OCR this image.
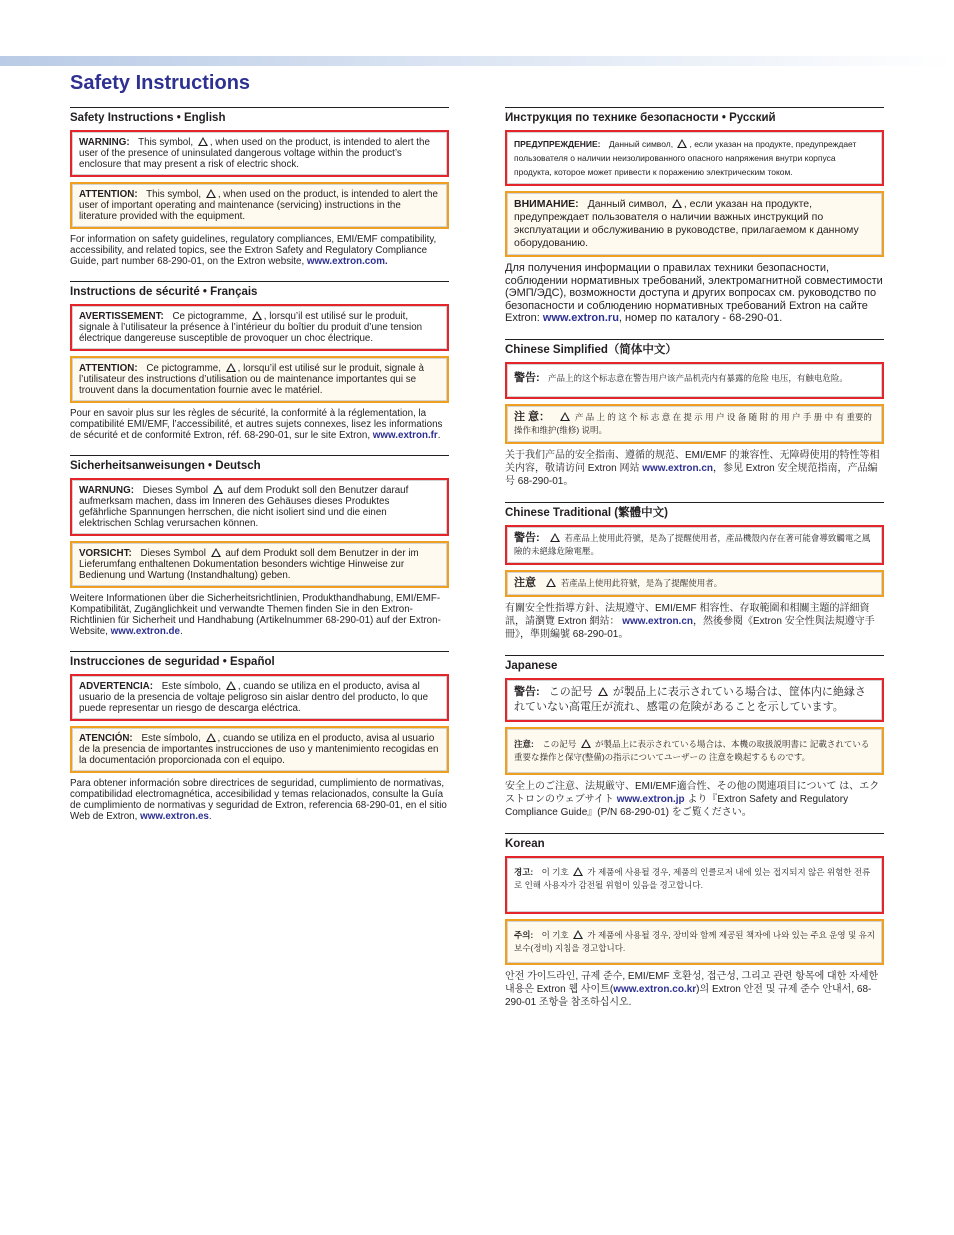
Safety Instructions
Safety Instructions • English
WARNING: This symbol, , when used on the product, is intended to alert the user of the presence of uninsulated dangerous voltage within the product’s enclosure that may present a risk of electric shock.
ATTENTION: This symbol, , when used on the product, is intended to alert the user of important operating and maintenance (servicing) instructions in the literature provided with the equipment.

For information on safety guidelines, regulatory compliances, EMI/EMF compatibility, accessibility, and related topics, see the Extron Safety and Regulatory Compliance Guide, part number 68-290-01, on the Extron website, www.extron.com.

Instructions de sécurité • Français
AVERTISSEMENT: Ce pictogramme, , lorsqu’il est utilisé sur le produit, signale à l’utilisateur la présence à l’intérieur du boîtier du produit d’une tension électrique dangereuse susceptible de provoquer un choc électrique.
ATTENTION: Ce pictogramme, , lorsqu’il est utilisé sur le produit, signale à l’utilisateur des instructions d’utilisation ou de maintenance importantes qui se trouvent dans la documentation fournie avec le matériel.

Pour en savoir plus sur les règles de sécurité, la conformité à la réglementation, la compatibilité EMI/EMF, l’accessibilité, et autres sujets connexes, lisez les informations de sécurité et de conformité Extron, réf. 68-290-01, sur le site Extron, www.extron.fr.

Sicherheitsanweisungen • Deutsch
WARNUNG: Dieses Symbol auf dem Produkt soll den Benutzer darauf aufmerksam machen, dass im Inneren des Gehäuses dieses Produktes gefährliche Spannungen herrschen, die nicht isoliert sind und die einen elektrischen Schlag verursachen können.
VORSICHT: Dieses Symbol auf dem Produkt soll dem Benutzer in der im Lieferumfang enthaltenen Dokumentation besonders wichtige Hinweise zur Bedienung und Wartung (Instandhaltung) geben.

Weitere Informationen über die Sicherheitsrichtlinien, Produkthandhabung, EMI/EMF-Kompatibilität, Zugänglichkeit und verwandte Themen finden Sie in den Extron-Richtlinien für Sicherheit und Handhabung (Artikelnummer 68-290-01) auf der Extron-Website, www.extron.de.

Instrucciones de seguridad • Español
ADVERTENCIA: Este símbolo, , cuando se utiliza en el producto, avisa al usuario de la presencia de voltaje peligroso sin aislar dentro del producto, lo que puede representar un riesgo de descarga eléctrica.
ATENCIÓN: Este símbolo, , cuando se utiliza en el producto, avisa al usuario de la presencia de importantes instrucciones de uso y mantenimiento recogidas en la documentación proporcionada con el equipo.

Para obtener información sobre directrices de seguridad, cumplimiento de normativas, compatibilidad electromagnética, accesibilidad y temas relacionados, consulte la Guía de cumplimiento de normativas y seguridad de Extron, referencia 68-290-01, en el sitio Web de Extron, www.extron.es.

Инструкция по технике безопасности • Русский
ПРЕДУПРЕЖДЕНИЕ: Данный символ, , если указан на продукте, предупреждает пользователя о наличии неизолированного опасного напряжения внутри корпуса продукта, которое может привести к поражению электрическим током.
ВНИМАНИЕ: Данный символ, , если указан на продукте, предупреждает пользователя о наличии важных инструкций по эксплуатации и обслуживанию в руководстве, прилагаемом к данному оборудованию.

Для получения информации о правилах техники безопасности, соблюдении нормативных требований, электромагнитной совместимости (ЭМП/ЭДС), возможности доступа и других вопросах см. руководство по безопасности и соблюдению нормативных требований Extron на сайте Extron: www.extron.ru, номер по каталогу - 68-290-01.

Chinese Simplified（简体中文）
警告: 产品上的这个标志意在警告用户该产品机壳内有暴露的危险 电压，有触电危险。
注 意：	产 品 上 的 这 个 标 志 意 在 提 示 用 户 设 备 随 附 的 用 户 手 册 中 有 重要的操作和维护(维修) 说明。

关于我们产品的安全指南、遵循的规范、EMI/EMF 的兼容性、无障碍使用的特性等相关内容，敬请访问 Extron 网站 www.extron.cn，参见 Extron 安全规范指南，产品编号 68-290-01。

Chinese Traditional (繁體中文)
警告:	若產品上使用此符號，是為了提醒使用者，產品機殼內存在著可能會導致觸電之風險的未絕緣危險電壓。
注意	若產品上使用此符號，是為了提醒使用者。

有關安全性指導方針、法規遵守、EMI/EMF 相容性、存取範圍和相關主題的詳細資訊，請瀏覽 Extron 網站： www.extron.cn，然後參閱《Extron 安全性與法規遵守手冊》，準則編號 68-290-01。

Japanese
警告: この記号 が製品上に表示されている場合は、筐体内に絶縁されていない高電圧が流れ、感電の危険があることを示しています。
注意: この記号 が製品上に表示されている場合は、本機の取扱説明書に 記載されている重要な操作と保守(整備)の指示についてユーザーの 注意を喚起するものです。

安全上のご注意、法規厳守、EMI/EMF適合性、その他の関連項目について は、エクストロンのウェブサイト www.extron.jp より『Extron Safety and Regulatory Compliance Guide』(P/N 68-290-01) をご覧ください。

Korean
경고: 이 기호 가 제품에 사용될 경우, 제품의 인클로저 내에 있는 접지되지 않은 위험한 전류로 인해 사용자가 감전될 위험이 있음을 경고합니다.
주의: 이 기호 가 제품에 사용될 경우, 장비와 함께 제공된 책자에 나와 있는 주요 운영 및 유지보수(정비) 지침을 경고합니다.

안전 가이드라인, 규제 준수, EMI/EMF 호환성, 접근성, 그리고 관련 항목에 대한 자세한 내용은 Extron 웹 사이트(www.extron.co.kr)의 Extron 안전 및 규제 준수 안내서, 68-290-01 조항을 참조하십시오.
